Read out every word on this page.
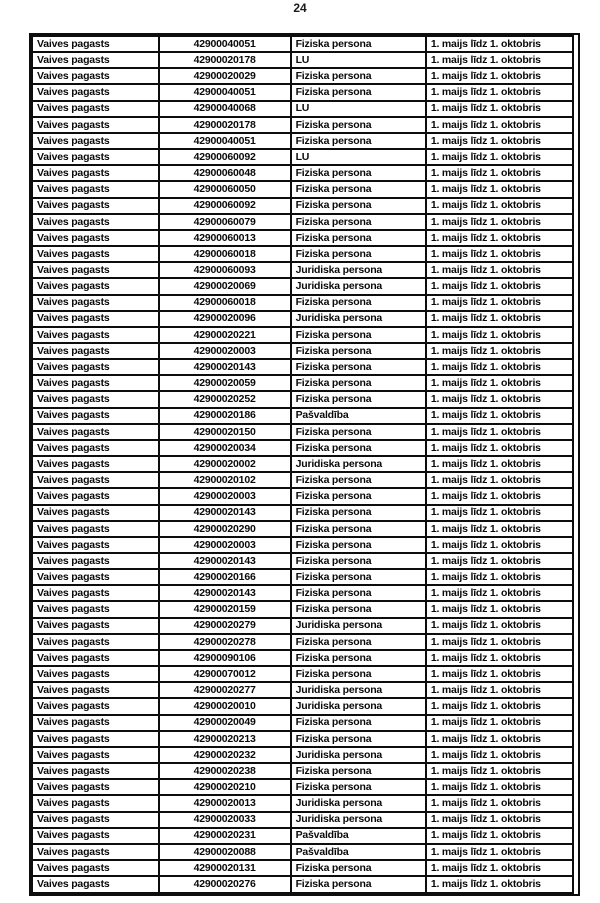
24
Vaives pagasts	42900040051	Fiziska persona	1. maijs līdz 1. oktobris
Vaives pagasts	42900020178	LU	1. maijs līdz 1. oktobris
Vaives pagasts	42900020029	Fiziska persona	1. maijs līdz 1. oktobris
Vaives pagasts	42900040051	Fiziska persona	1. maijs līdz 1. oktobris
Vaives pagasts	42900040068	LU	1. maijs līdz 1. oktobris
Vaives pagasts	42900020178	Fiziska persona	1. maijs līdz 1. oktobris
Vaives pagasts	42900040051	Fiziska persona	1. maijs līdz 1. oktobris
Vaives pagasts	42900060092	LU	1. maijs līdz 1. oktobris
Vaives pagasts	42900060048	Fiziska persona	1. maijs līdz 1. oktobris
Vaives pagasts	42900060050	Fiziska persona	1. maijs līdz 1. oktobris
Vaives pagasts	42900060092	Fiziska persona	1. maijs līdz 1. oktobris
Vaives pagasts	42900060079	Fiziska persona	1. maijs līdz 1. oktobris
Vaives pagasts	42900060013	Fiziska persona	1. maijs līdz 1. oktobris
Vaives pagasts	42900060018	Fiziska persona	1. maijs līdz 1. oktobris
Vaives pagasts	42900060093	Juridiska persona	1. maijs līdz 1. oktobris
Vaives pagasts	42900020069	Juridiska persona	1. maijs līdz 1. oktobris
Vaives pagasts	42900060018	Fiziska persona	1. maijs līdz 1. oktobris
Vaives pagasts	42900020096	Juridiska persona	1. maijs līdz 1. oktobris
Vaives pagasts	42900020221	Fiziska persona	1. maijs līdz 1. oktobris
Vaives pagasts	42900020003	Fiziska persona	1. maijs līdz 1. oktobris
Vaives pagasts	42900020143	Fiziska persona	1. maijs līdz 1. oktobris
Vaives pagasts	42900020059	Fiziska persona	1. maijs līdz 1. oktobris
Vaives pagasts	42900020252	Fiziska persona	1. maijs līdz 1. oktobris
Vaives pagasts	42900020186	Pašvaldība	1. maijs līdz 1. oktobris
Vaives pagasts	42900020150	Fiziska persona	1. maijs līdz 1. oktobris
Vaives pagasts	42900020034	Fiziska persona	1. maijs līdz 1. oktobris
Vaives pagasts	42900020002	Juridiska persona	1. maijs līdz 1. oktobris
Vaives pagasts	42900020102	Fiziska persona	1. maijs līdz 1. oktobris
Vaives pagasts	42900020003	Fiziska persona	1. maijs līdz 1. oktobris
Vaives pagasts	42900020143	Fiziska persona	1. maijs līdz 1. oktobris
Vaives pagasts	42900020290	Fiziska persona	1. maijs līdz 1. oktobris
Vaives pagasts	42900020003	Fiziska persona	1. maijs līdz 1. oktobris
Vaives pagasts	42900020143	Fiziska persona	1. maijs līdz 1. oktobris
Vaives pagasts	42900020166	Fiziska persona	1. maijs līdz 1. oktobris
Vaives pagasts	42900020143	Fiziska persona	1. maijs līdz 1. oktobris
Vaives pagasts	42900020159	Fiziska persona	1. maijs līdz 1. oktobris
Vaives pagasts	42900020279	Juridiska persona	1. maijs līdz 1. oktobris
Vaives pagasts	42900020278	Fiziska persona	1. maijs līdz 1. oktobris
Vaives pagasts	42900090106	Fiziska persona	1. maijs līdz 1. oktobris
Vaives pagasts	42900070012	Fiziska persona	1. maijs līdz 1. oktobris
Vaives pagasts	42900020277	Juridiska persona	1. maijs līdz 1. oktobris
Vaives pagasts	42900020010	Juridiska persona	1. maijs līdz 1. oktobris
Vaives pagasts	42900020049	Fiziska persona	1. maijs līdz 1. oktobris
Vaives pagasts	42900020213	Fiziska persona	1. maijs līdz 1. oktobris
Vaives pagasts	42900020232	Juridiska persona	1. maijs līdz 1. oktobris
Vaives pagasts	42900020238	Fiziska persona	1. maijs līdz 1. oktobris
Vaives pagasts	42900020210	Fiziska persona	1. maijs līdz 1. oktobris
Vaives pagasts	42900020013	Juridiska persona	1. maijs līdz 1. oktobris
Vaives pagasts	42900020033	Juridiska persona	1. maijs līdz 1. oktobris
Vaives pagasts	42900020231	Pašvaldība	1. maijs līdz 1. oktobris
Vaives pagasts	42900020088	Pašvaldība	1. maijs līdz 1. oktobris
Vaives pagasts	42900020131	Fiziska persona	1. maijs līdz 1. oktobris
Vaives pagasts	42900020276	Fiziska persona	1. maijs līdz 1. oktobris
